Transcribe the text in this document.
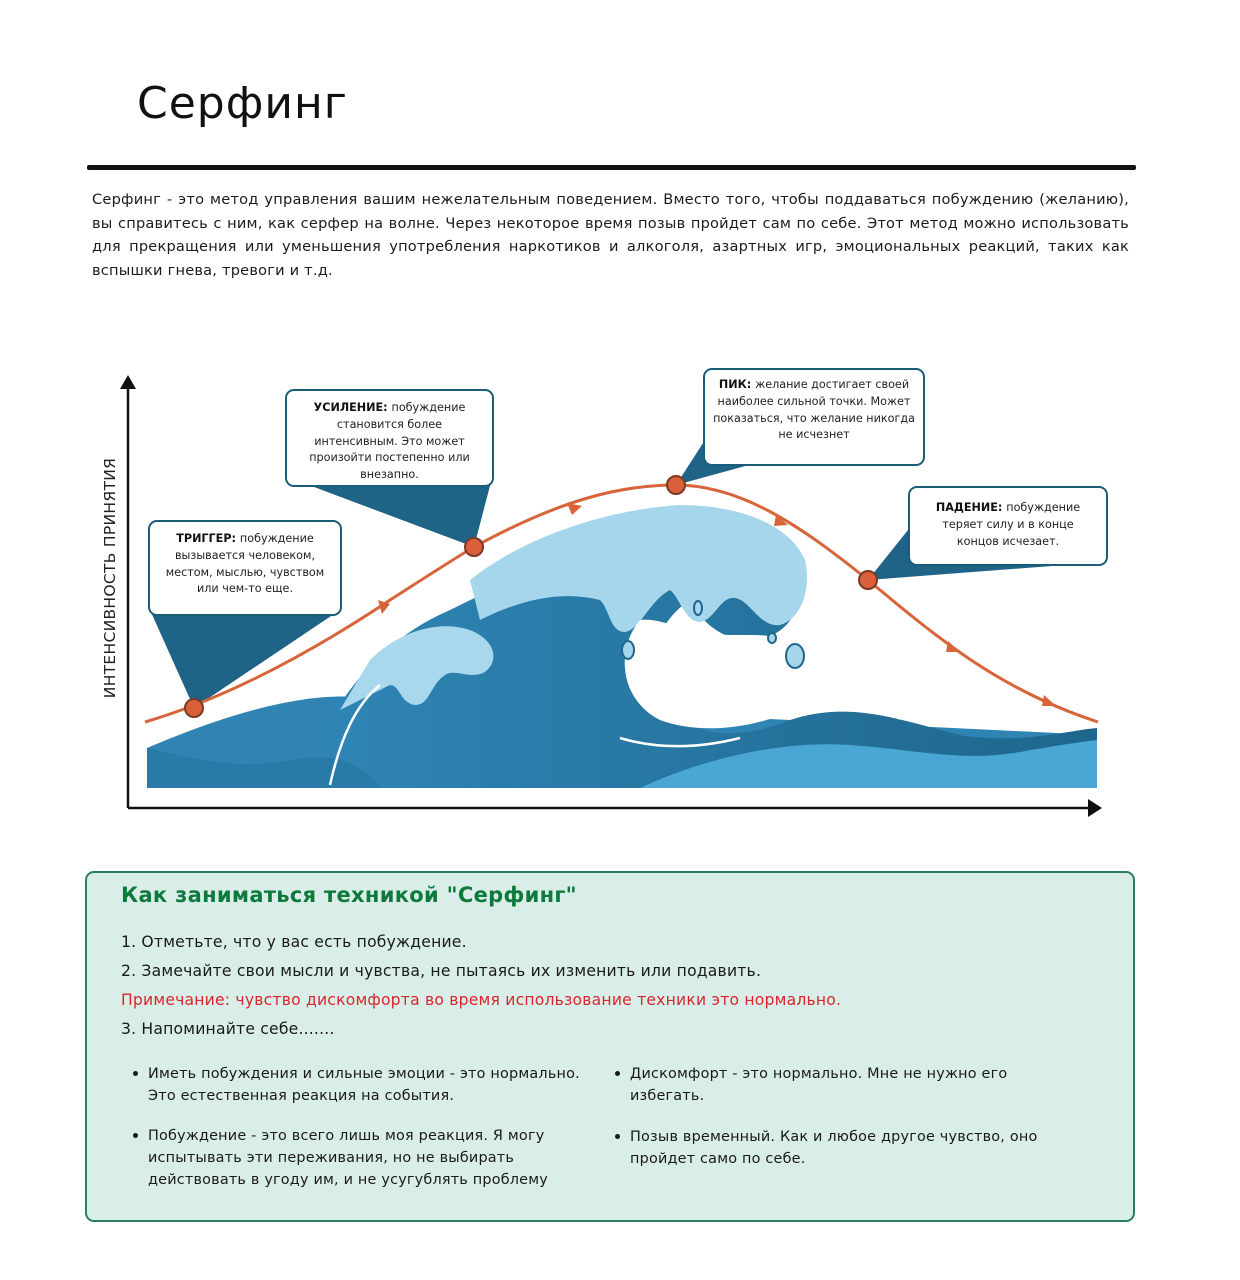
Серфинг
Серфинг - это метод управления вашим нежелательным поведением. Вместо того, чтобы поддаваться побуждению (желанию), вы справитесь с ним, как серфер на волне. Через некоторое время позыв пройдет сам по себе. Этот метод можно использовать для прекращения или уменьшения употребления наркотиков и алкоголя, азартных игр, эмоциональных реакций, таких как вспышки гнева, тревоги и т.д.
ИНТЕНСИВНОСТЬ ПРИНЯТИЯ	ТРИГГЕР: побуждение вызывается человеком, местом, мыслью, чувством или чем-то еще.
УСИЛЕНИЕ: побуждение становится более интенсивным. Это может произойти постепенно или внезапно.
ПИК: желание достигает своей наиболее сильной точки. Может показаться, что желание никогда не исчезнет
ПАДЕНИЕ: побуждение теряет силу и в конце концов исчезает.
Как заниматься техникой "Серфинг"
1. Отметьте, что у вас есть побуждение.
2. Замечайте свои мысли и чувства, не пытаясь их изменить или подавить.
Примечание: чувство дискомфорта во время использование техники это нормально.
3. Напоминайте себе.......
Иметь побуждения и сильные эмоции - это нормально. Это естественная реакция на события.
Побуждение - это всего лишь моя реакция. Я могу испытывать эти переживания, но не выбирать действовать в угоду им, и не усугублять проблему
Дискомфорт - это нормально. Мне не нужно его избегать.
Позыв временный. Как и любое другое чувство, оно пройдет само по себе.
